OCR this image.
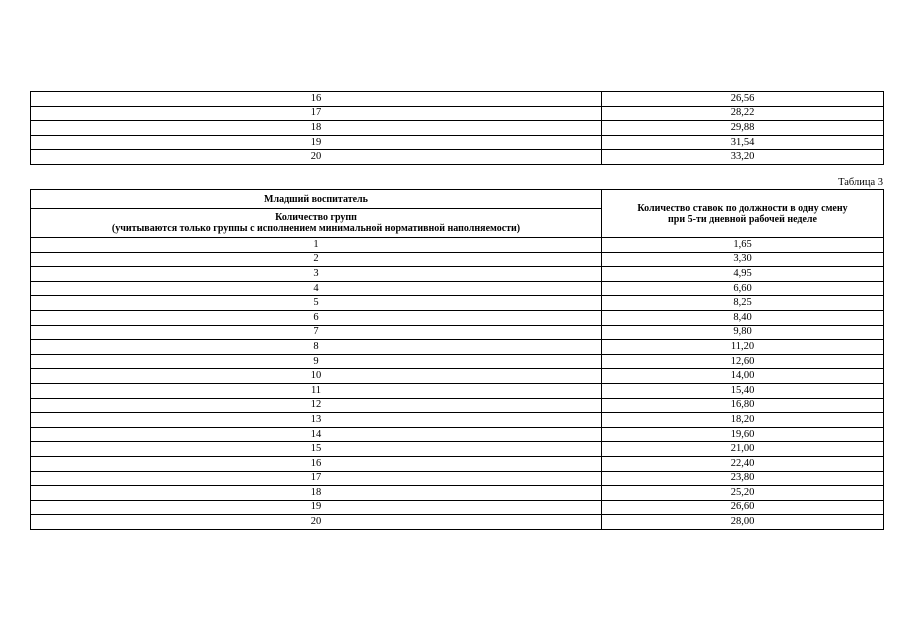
16	26,56
17	28,22
18	29,88
19	31,54
20	33,20
Таблица 3
Младший воспитатель	Количество ставок по должности в одну смену
при 5-ти дневной рабочей неделе

Количество групп
(учитываются только группы с исполнением минимальной нормативной наполняемости)	

1	1,65
2	3,30
3	4,95
4	6,60
5	8,25
6	8,40
7	9,80
8	11,20
9	12,60
10	14,00
11	15,40
12	16,80
13	18,20
14	19,60
15	21,00
16	22,40
17	23,80
18	25,20
19	26,60
20	28,00
